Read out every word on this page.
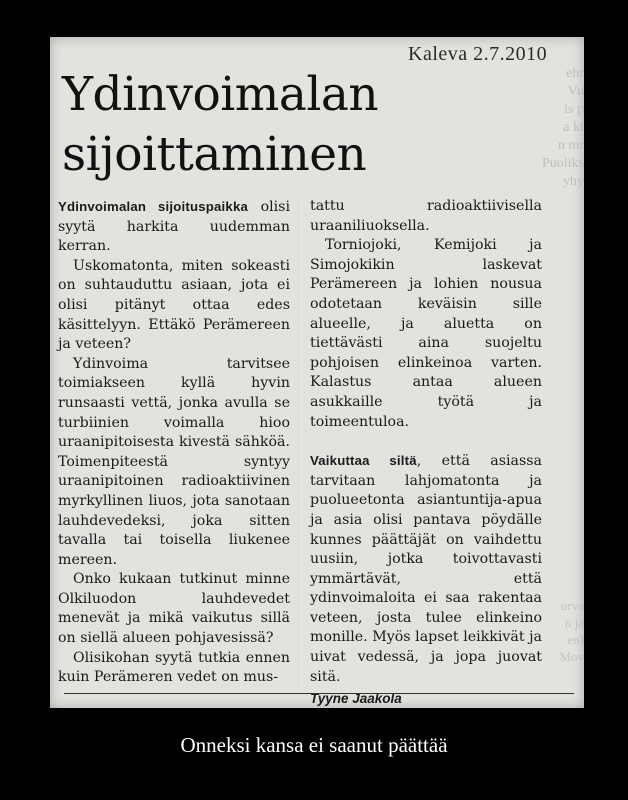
ehr
Vu
is p
a kt
n mr
Puoliks
yhy
urva
n ja
en)
Mov
Kaleva 2.7.2010
Ydinvoimalan
sijoittaminen

Ydinvoimalan sijoituspaikka olisi syytä harkita uudemman kerran.

Uskomatonta, miten sokeasti on suhtauduttu asiaan, jota ei olisi pitänyt ottaa edes käsittelyyn. Ettäkö Perämereen ja veteen?

Ydinvoima tarvitsee toimiakseen kyllä hyvin runsaasti vettä, jonka avulla se turbiinien voimalla hioo uraanipitoisesta kivestä sähköä. Toimenpiteestä syntyy uraanipitoinen radioaktiivinen myrkyllinen liuos, jota sanotaan lauhdevedeksi, joka sitten tavalla tai toisella liukenee mereen.

Onko kukaan tutkinut minne Olkiluodon lauhdevedet menevät ja mikä vaikutus sillä on siellä alueen pohjavesissä?

Olisikohan syytä tutkia ennen kuin Perämeren vedet on mus-

tattu radioaktiivisella uraaniliuoksella.

Torniojoki, Kemijoki ja Simojokikin laskevat Perämereen ja lohien nousua odotetaan keväisin sille alueelle, ja aluetta on tiettävästi aina suojeltu pohjoisen elinkeinoa varten. Kalastus antaa alueen asukkaille työtä ja toimeentuloa.

Vaikuttaa siltä, että asiassa tarvitaan lahjomatonta ja puolueetonta asiantuntija-apua ja asia olisi pantava pöydälle kunnes päättäjät on vaihdettu uusiin, jotka toivottavasti ymmärtävät, että ydinvoimaloita ei saa rakentaa veteen, josta tulee elinkeino monille. Myös lapset leikkivät ja uivat vedessä, ja jopa juovat sitä.

Tyyne Jaakola
Onneksi kansa ei saanut päättää
